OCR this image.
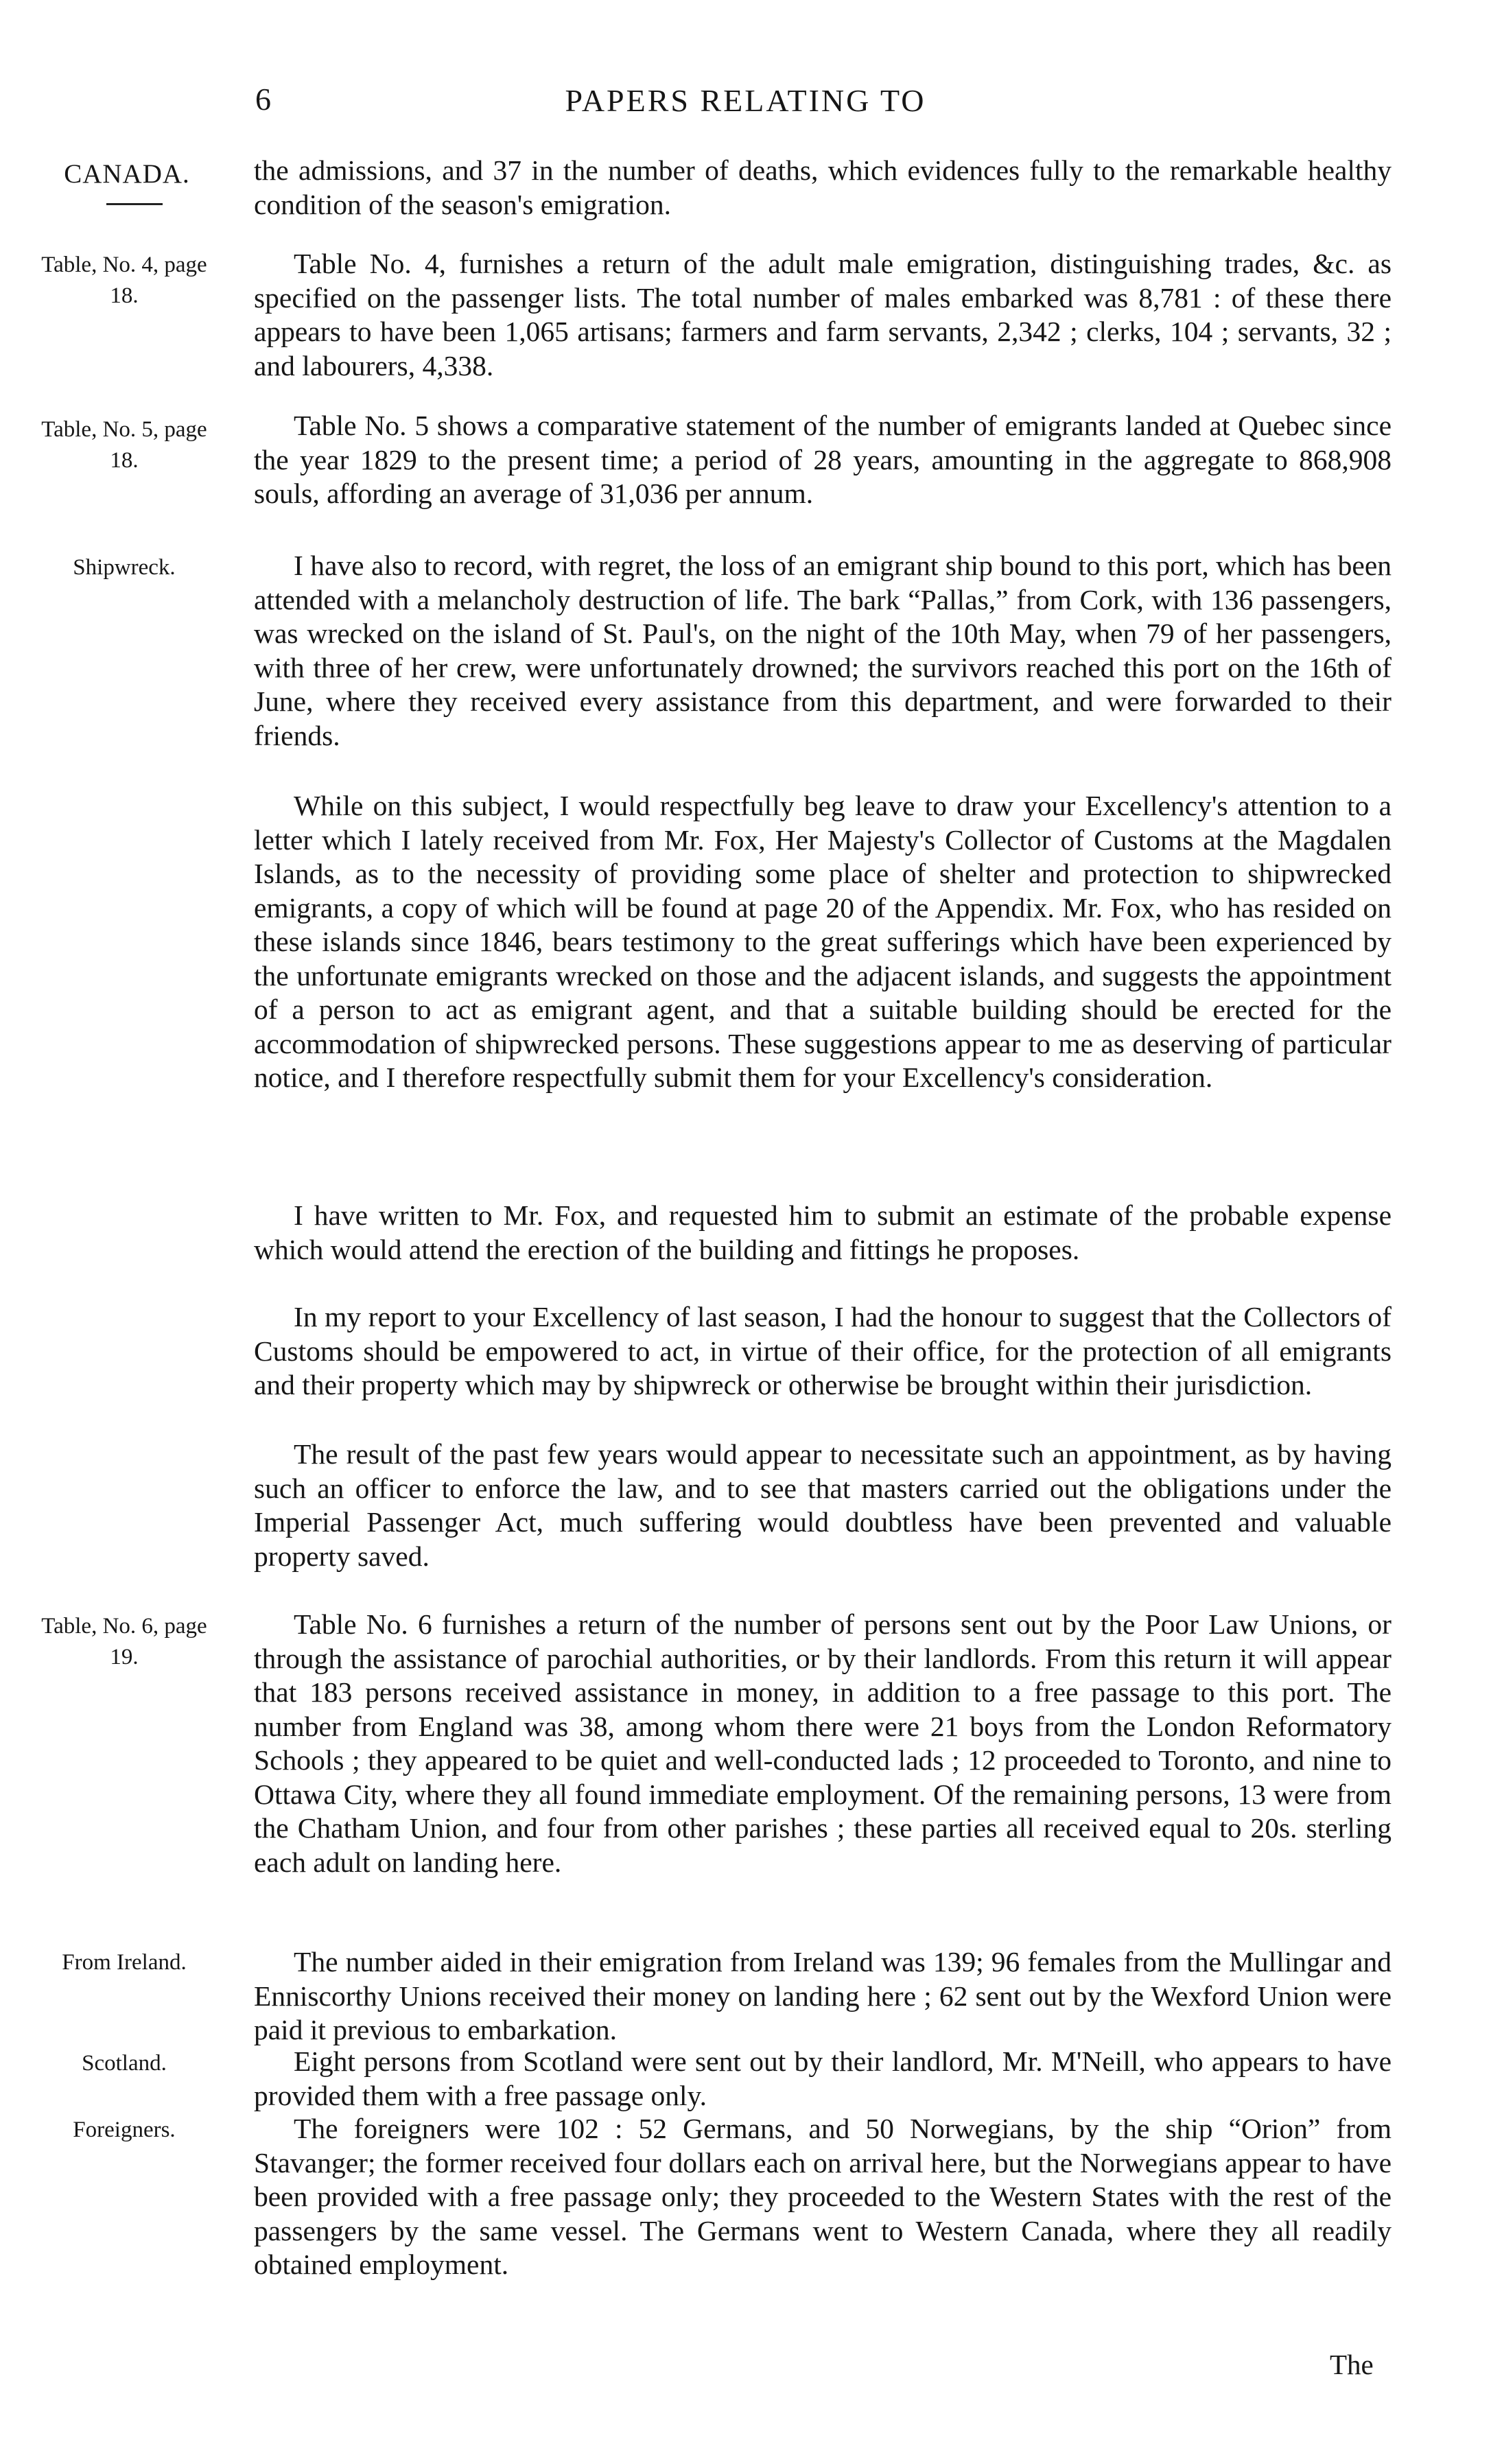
6	PAPERS RELATING TO
CANADA.
Table, No. 4, page 18.
Table, No. 5, page 18.
Shipwreck.
Table, No. 6, page 19.
From Ireland.
Scotland.
Foreigners.

the admissions, and 37 in the number of deaths, which evidences fully to the remarkable healthy condition of the season's emigration.

Table No. 4, furnishes a return of the adult male emigration, distinguishing trades, &c. as specified on the passenger lists. The total number of males embarked was 8,781 : of these there appears to have been 1,065 artisans; farmers and farm servants, 2,342 ; clerks, 104 ; servants, 32 ; and labourers, 4,338.

Table No. 5 shows a comparative statement of the number of emigrants landed at Quebec since the year 1829 to the present time; a period of 28 years, amounting in the aggregate to 868,908 souls, affording an average of 31,036 per annum.

I have also to record, with regret, the loss of an emigrant ship bound to this port, which has been attended with a melancholy destruction of life. The bark “Pallas,” from Cork, with 136 passengers, was wrecked on the island of St. Paul's, on the night of the 10th May, when 79 of her passengers, with three of her crew, were unfortunately drowned; the survivors reached this port on the 16th of June, where they received every assistance from this department, and were forwarded to their friends.

While on this subject, I would respectfully beg leave to draw your Excellency's attention to a letter which I lately received from Mr. Fox, Her Majesty's Collector of Customs at the Magdalen Islands, as to the necessity of providing some place of shelter and protection to shipwrecked emigrants, a copy of which will be found at page 20 of the Appendix. Mr. Fox, who has resided on these islands since 1846, bears testimony to the great sufferings which have been experienced by the unfortunate emigrants wrecked on those and the adjacent islands, and suggests the appointment of a person to act as emigrant agent, and that a suitable building should be erected for the accommodation of shipwrecked persons. These suggestions appear to me as deserving of particular notice, and I therefore respectfully submit them for your Excellency's consideration.

I have written to Mr. Fox, and requested him to submit an estimate of the probable expense which would attend the erection of the building and fittings he proposes.

In my report to your Excellency of last season, I had the honour to suggest that the Collectors of Customs should be empowered to act, in virtue of their office, for the protection of all emigrants and their property which may by shipwreck or otherwise be brought within their jurisdiction.

The result of the past few years would appear to necessitate such an appointment, as by having such an officer to enforce the law, and to see that masters carried out the obligations under the Imperial Passenger Act, much suffering would doubtless have been prevented and valuable property saved.

Table No. 6 furnishes a return of the number of persons sent out by the Poor Law Unions, or through the assistance of parochial authorities, or by their landlords. From this return it will appear that 183 persons received assistance in money, in addition to a free passage to this port. The number from England was 38, among whom there were 21 boys from the London Reformatory Schools ; they appeared to be quiet and well-conducted lads ; 12 proceeded to Toronto, and nine to Ottawa City, where they all found immediate employment. Of the remaining persons, 13 were from the Chatham Union, and four from other parishes ; these parties all received equal to 20s. sterling each adult on landing here.

The number aided in their emigration from Ireland was 139; 96 females from the Mullingar and Enniscorthy Unions received their money on landing here ; 62 sent out by the Wexford Union were paid it previous to embarkation.

Eight persons from Scotland were sent out by their landlord, Mr. M'Neill, who appears to have provided them with a free passage only.

The foreigners were 102 : 52 Germans, and 50 Norwegians, by the ship “Orion” from Stavanger; the former received four dollars each on arrival here, but the Norwegians appear to have been provided with a free passage only; they proceeded to the Western States with the rest of the passengers by the same vessel. The Germans went to Western Canada, where they all readily obtained employment.

The
